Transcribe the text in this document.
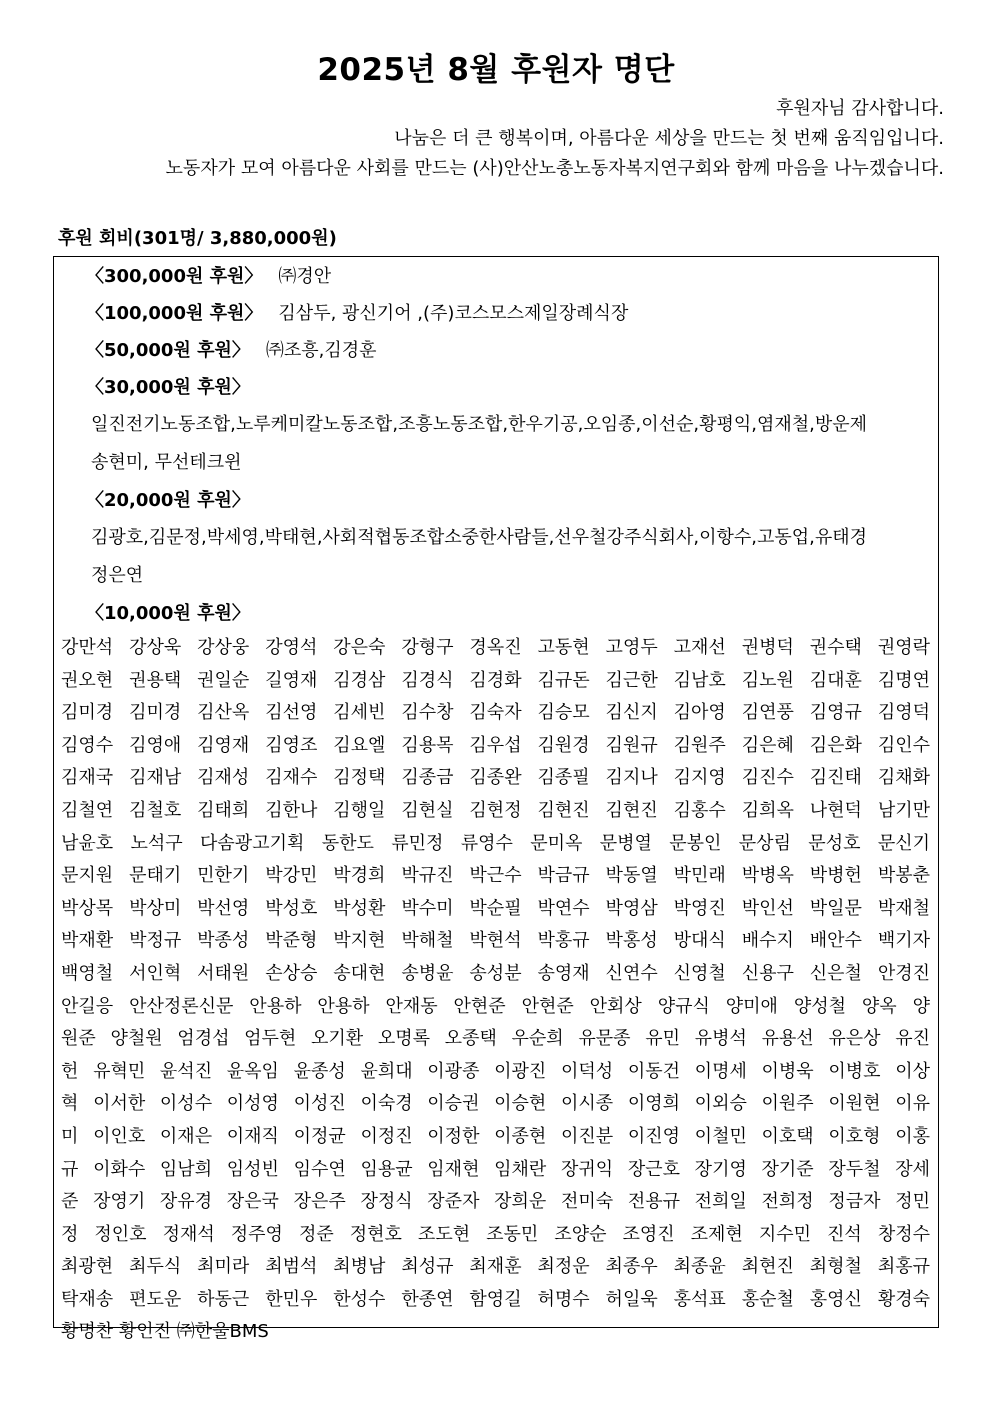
2025년 8월 후원자 명단
후원자님 감사합니다.
나눔은 더 큰 행복이며, 아름다운 세상을 만드는 첫 번째 움직임입니다.
노동자가 모여 아름다운 사회를 만드는 (사)안산노총노동자복지연구회와 함께 마음을 나누겠습니다.
후원 회비(301명/ 3,880,000원)
〈300,000원 후원〉 ㈜경안
〈100,000원 후원〉 김삼두, 광신기어 ,(주)코스모스제일장례식장
〈50,000원 후원〉 ㈜조흥,김경훈
〈30,000원 후원〉
일진전기노동조합,노루케미칼노동조합,조흥노동조합,한우기공,오임종,이선순,황평익,염재철,방운제
송현미, 무선테크윈
〈20,000원 후원〉
김광호,김문정,박세영,박태현,사회적협동조합소중한사람들,선우철강주식회사,이항수,고동업,유태경
정은연
〈10,000원 후원〉
강만석 강상욱 강상웅 강영석 강은숙 강형구 경옥진 고동현 고영두 고재선 권병덕 권수택 권영락
권오현 권용택 권일순 길영재 김경삼 김경식 김경화 김규돈 김근한 김남호 김노원 김대훈 김명연
김미경 김미경 김산옥 김선영 김세빈 김수창 김숙자 김승모 김신지 김아영 김연풍 김영규 김영덕
김영수 김영애 김영재 김영조 김요엘 김용목 김우섭 김원경 김원규 김원주 김은혜 김은화 김인수
김재국 김재남 김재성 김재수 김정택 김종금 김종완 김종필 김지나 김지영 김진수 김진태 김채화
김철연 김철호 김태희 김한나 김행일 김현실 김현정 김현진 김현진 김홍수 김희옥 나현덕 남기만
남윤호 노석구 다솜광고기획 동한도 류민정 류영수 문미옥 문병열 문봉인 문상림 문성호 문신기
문지원 문태기 민한기 박강민 박경희 박규진 박근수 박금규 박동열 박민래 박병옥 박병헌 박봉춘
박상목 박상미 박선영 박성호 박성환 박수미 박순필 박연수 박영삼 박영진 박인선 박일문 박재철
박재환 박정규 박종성 박준형 박지현 박해철 박현석 박홍규 박홍성 방대식 배수지 배안수 백기자
백영철 서인혁 서태원 손상승 송대현 송병윤 송성분 송영재 신연수 신영철 신용구 신은철 안경진
안길응 안산정론신문 안용하 안용하 안재동 안현준 안현준 안회상 양규식 양미애 양성철 양옥 양
원준 양철원 엄경섭 엄두현 오기환 오명록 오종택 우순희 유문종 유민 유병석 유용선 유은상 유진
헌 유혁민 윤석진 윤옥임 윤종성 윤희대 이광종 이광진 이덕성 이동건 이명세 이병욱 이병호 이상
혁 이서한 이성수 이성영 이성진 이숙경 이승권 이승현 이시종 이영희 이외승 이원주 이원현 이유
미 이인호 이재은 이재직 이정균 이정진 이정한 이종현 이진분 이진영 이철민 이호택 이호형 이홍
규 이화수 임남희 임성빈 임수연 임용균 임재현 임채란 장귀익 장근호 장기영 장기준 장두철 장세
준 장영기 장유경 장은국 장은주 장정식 장준자 장희운 전미숙 전용규 전희일 전희정 정금자 정민
정 정인호 정재석 정주영 정준 정현호 조도현 조동민 조양순 조영진 조제현 지수민 진석 창정수
최광현 최두식 최미라 최범석 최병남 최성규 최재훈 최정운 최종우 최종윤 최현진 최형철 최홍규
탁재송 편도운 하동근 한민우 한성수 한종연 함영길 허명수 허일욱 홍석표 홍순철 홍영신 황경숙
황명찬 황인진 ㈜한울BMS
